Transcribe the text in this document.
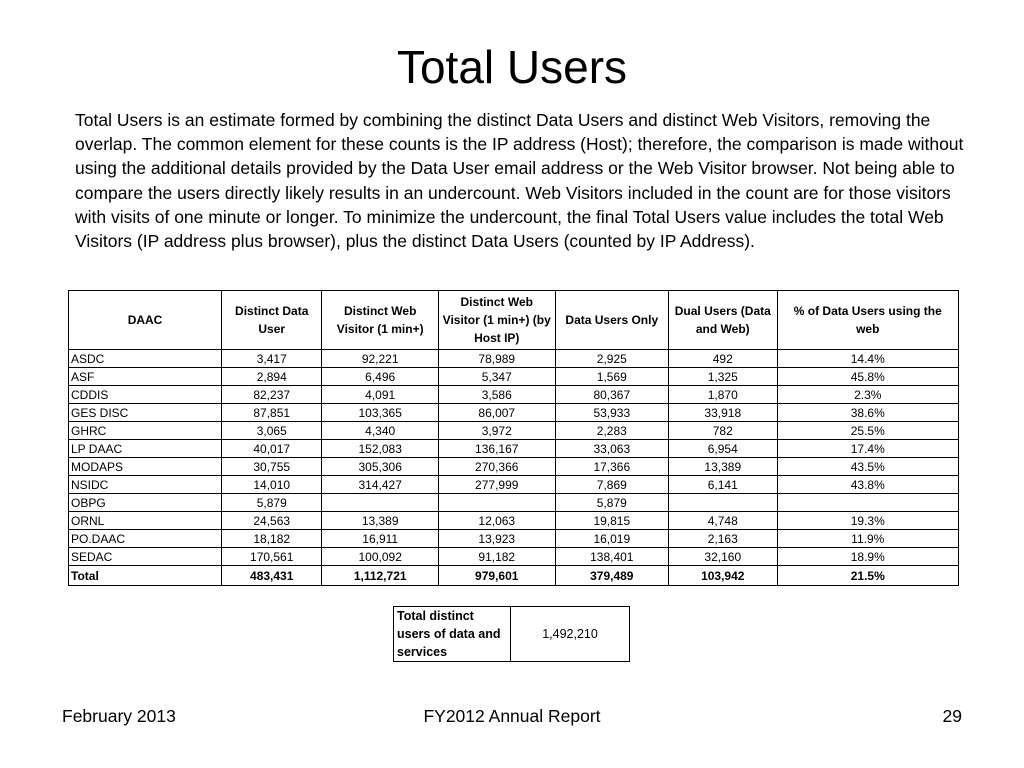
Total Users
Total Users is an estimate formed by combining the distinct Data Users and distinct Web Visitors, removing the overlap. The common element for these counts is the IP address (Host); therefore, the comparison is made without using the additional details provided by the Data User email address or the Web Visitor browser. Not being able to compare the users directly likely results in an undercount. Web Visitors included in the count are for those visitors with visits of one minute or longer. To minimize the undercount, the final Total Users value includes the total Web Visitors (IP address plus browser), plus the distinct Data Users (counted by IP Address).
DAAC	Distinct Data User	Distinct Web Visitor (1 min+)	Distinct Web Visitor (1 min+) (by Host IP)	Data Users Only	Dual Users (Data and Web)	% of Data Users using the web
ASDC	3,417	92,221	78,989	2,925	492	14.4%
ASF	2,894	6,496	5,347	1,569	1,325	45.8%
CDDIS	82,237	4,091	3,586	80,367	1,870	2.3%
GES DISC	87,851	103,365	86,007	53,933	33,918	38.6%
GHRC	3,065	4,340	3,972	2,283	782	25.5%
LP DAAC	40,017	152,083	136,167	33,063	6,954	17.4%
MODAPS	30,755	305,306	270,366	17,366	13,389	43.5%
NSIDC	14,010	314,427	277,999	7,869	6,141	43.8%
OBPG	5,879			5,879		
ORNL	24,563	13,389	12,063	19,815	4,748	19.3%
PO.DAAC	18,182	16,911	13,923	16,019	2,163	11.9%
SEDAC	170,561	100,092	91,182	138,401	32,160	18.9%
Total	483,431	1,112,721	979,601	379,489	103,942	21.5%
Total distinct users of data and services	1,492,210
February 2013	FY2012 Annual Report	29
